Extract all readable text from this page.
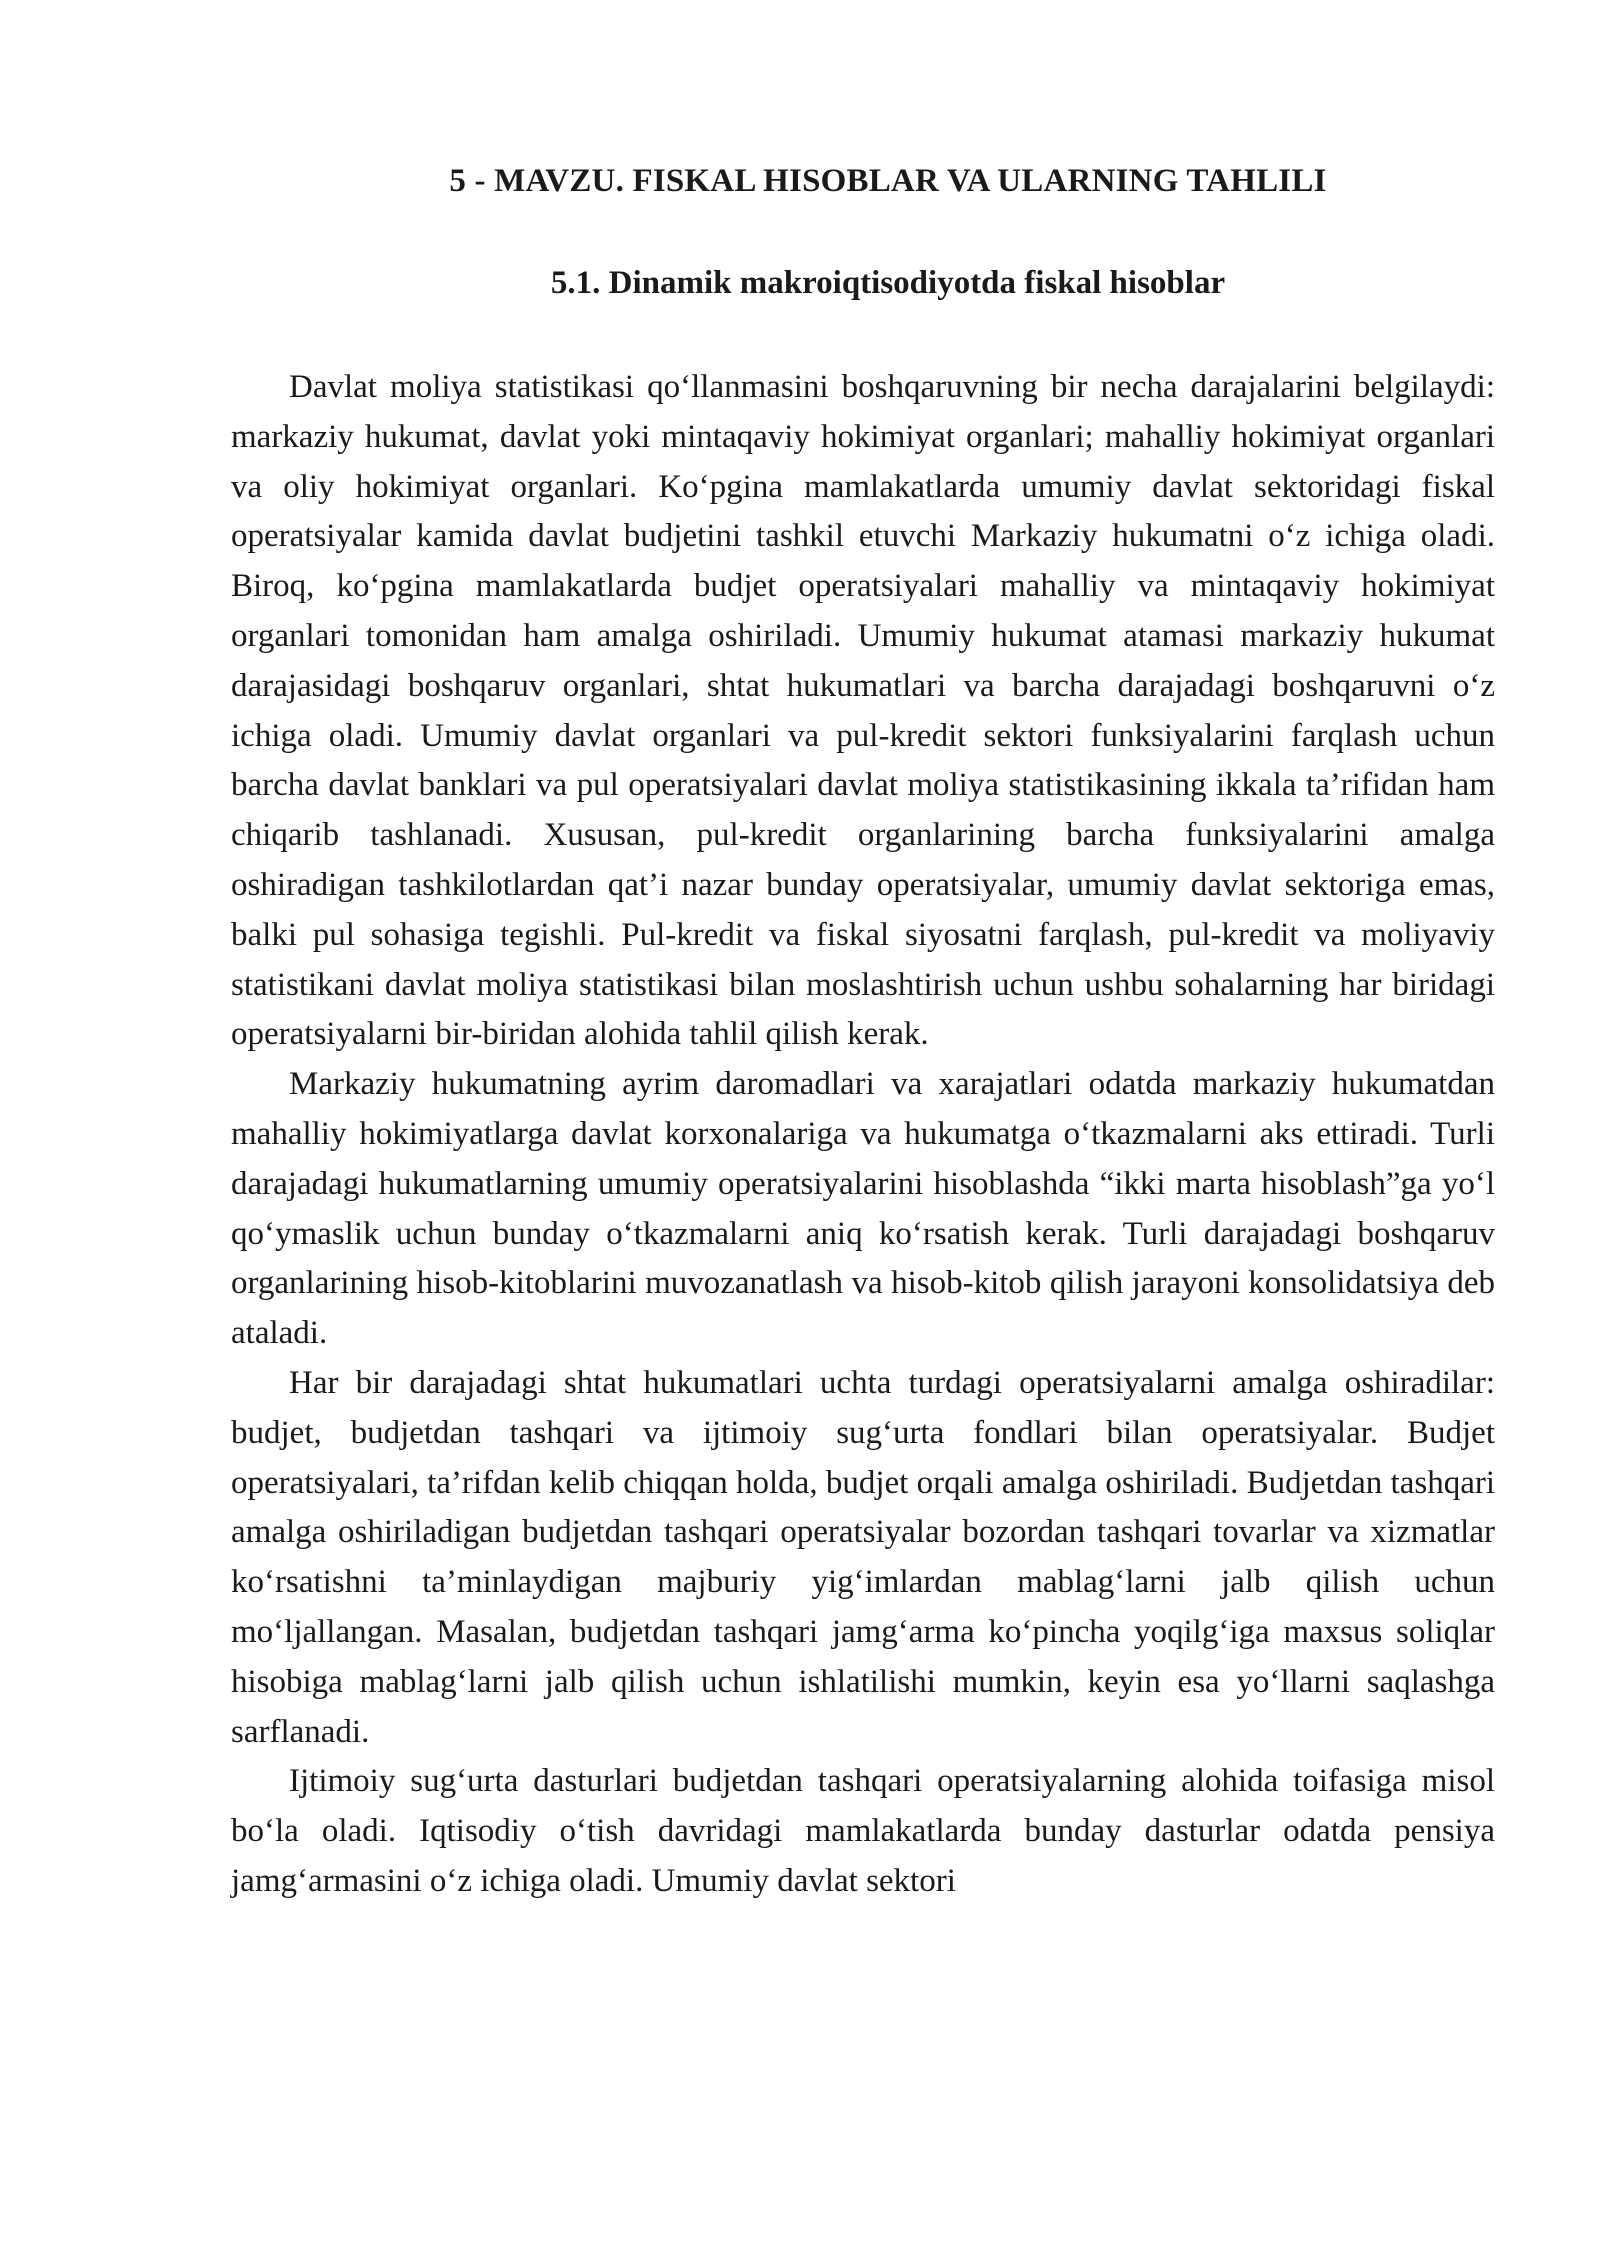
5 - MAVZU. FISKAL HISOBLAR VA ULARNING TAHLILI
5.1. Dinamik makroiqtisodiyotda fiskal hisoblar

Davlat moliya statistikasi qo‘llanmasini boshqaruvning bir necha darajalarini belgilaydi: markaziy hukumat, davlat yoki mintaqaviy hokimiyat organlari; mahalliy hokimiyat organlari va oliy hokimiyat organlari. Ko‘pgina mamlakatlarda umumiy davlat sektoridagi fiskal operatsiyalar kamida davlat budjetini tashkil etuvchi Markaziy hukumatni o‘z ichiga oladi. Biroq, ko‘pgina mamlakatlarda budjet operatsiyalari mahalliy va mintaqaviy hokimiyat organlari tomonidan ham amalga oshiriladi. Umumiy hukumat atamasi markaziy hukumat darajasidagi boshqaruv organlari, shtat hukumatlari va barcha darajadagi boshqaruvni o‘z ichiga oladi. Umumiy davlat organlari va pul-kredit sektori funksiyalarini farqlash uchun barcha davlat banklari va pul operatsiyalari davlat moliya statistikasining ikkala ta’rifidan ham chiqarib tashlanadi. Xususan, pul-kredit organlarining barcha funksiyalarini amalga oshiradigan tashkilotlardan qat’i nazar bunday operatsiyalar, umumiy davlat sektoriga emas, balki pul sohasiga tegishli. Pul-kredit va fiskal siyosatni farqlash, pul-kredit va moliyaviy statistikani davlat moliya statistikasi bilan moslashtirish uchun ushbu sohalarning har biridagi operatsiyalarni bir-biridan alohida tahlil qilish kerak.

Markaziy hukumatning ayrim daromadlari va xarajatlari odatda markaziy hukumatdan mahalliy hokimiyatlarga davlat korxonalariga va hukumatga o‘tkazmalarni aks ettiradi. Turli darajadagi hukumatlarning umumiy operatsiyalarini hisoblashda “ikki marta hisoblash”ga yo‘l qo‘ymaslik uchun bunday o‘tkazmalarni aniq ko‘rsatish kerak. Turli darajadagi boshqaruv organlarining hisob-kitoblarini muvozanatlash va hisob-kitob qilish jarayoni konsolidatsiya deb ataladi.

Har bir darajadagi shtat hukumatlari uchta turdagi operatsiyalarni amalga oshiradilar: budjet, budjetdan tashqari va ijtimoiy sug‘urta fondlari bilan operatsiyalar. Budjet operatsiyalari, ta’rifdan kelib chiqqan holda, budjet orqali amalga oshiriladi. Budjetdan tashqari amalga oshiriladigan budjetdan tashqari operatsiyalar bozordan tashqari tovarlar va xizmatlar ko‘rsatishni ta’minlaydigan majburiy yig‘imlardan mablag‘larni jalb qilish uchun mo‘ljallangan. Masalan, budjetdan tashqari jamg‘arma ko‘pincha yoqilg‘iga maxsus soliqlar hisobiga mablag‘larni jalb qilish uchun ishlatilishi mumkin, keyin esa yo‘llarni saqlashga sarflanadi.

Ijtimoiy sug‘urta dasturlari budjetdan tashqari operatsiyalarning alohida toifasiga misol bo‘la oladi. Iqtisodiy o‘tish davridagi mamlakatlarda bunday dasturlar odatda pensiya jamg‘armasini o‘z ichiga oladi. Umumiy davlat sektori
